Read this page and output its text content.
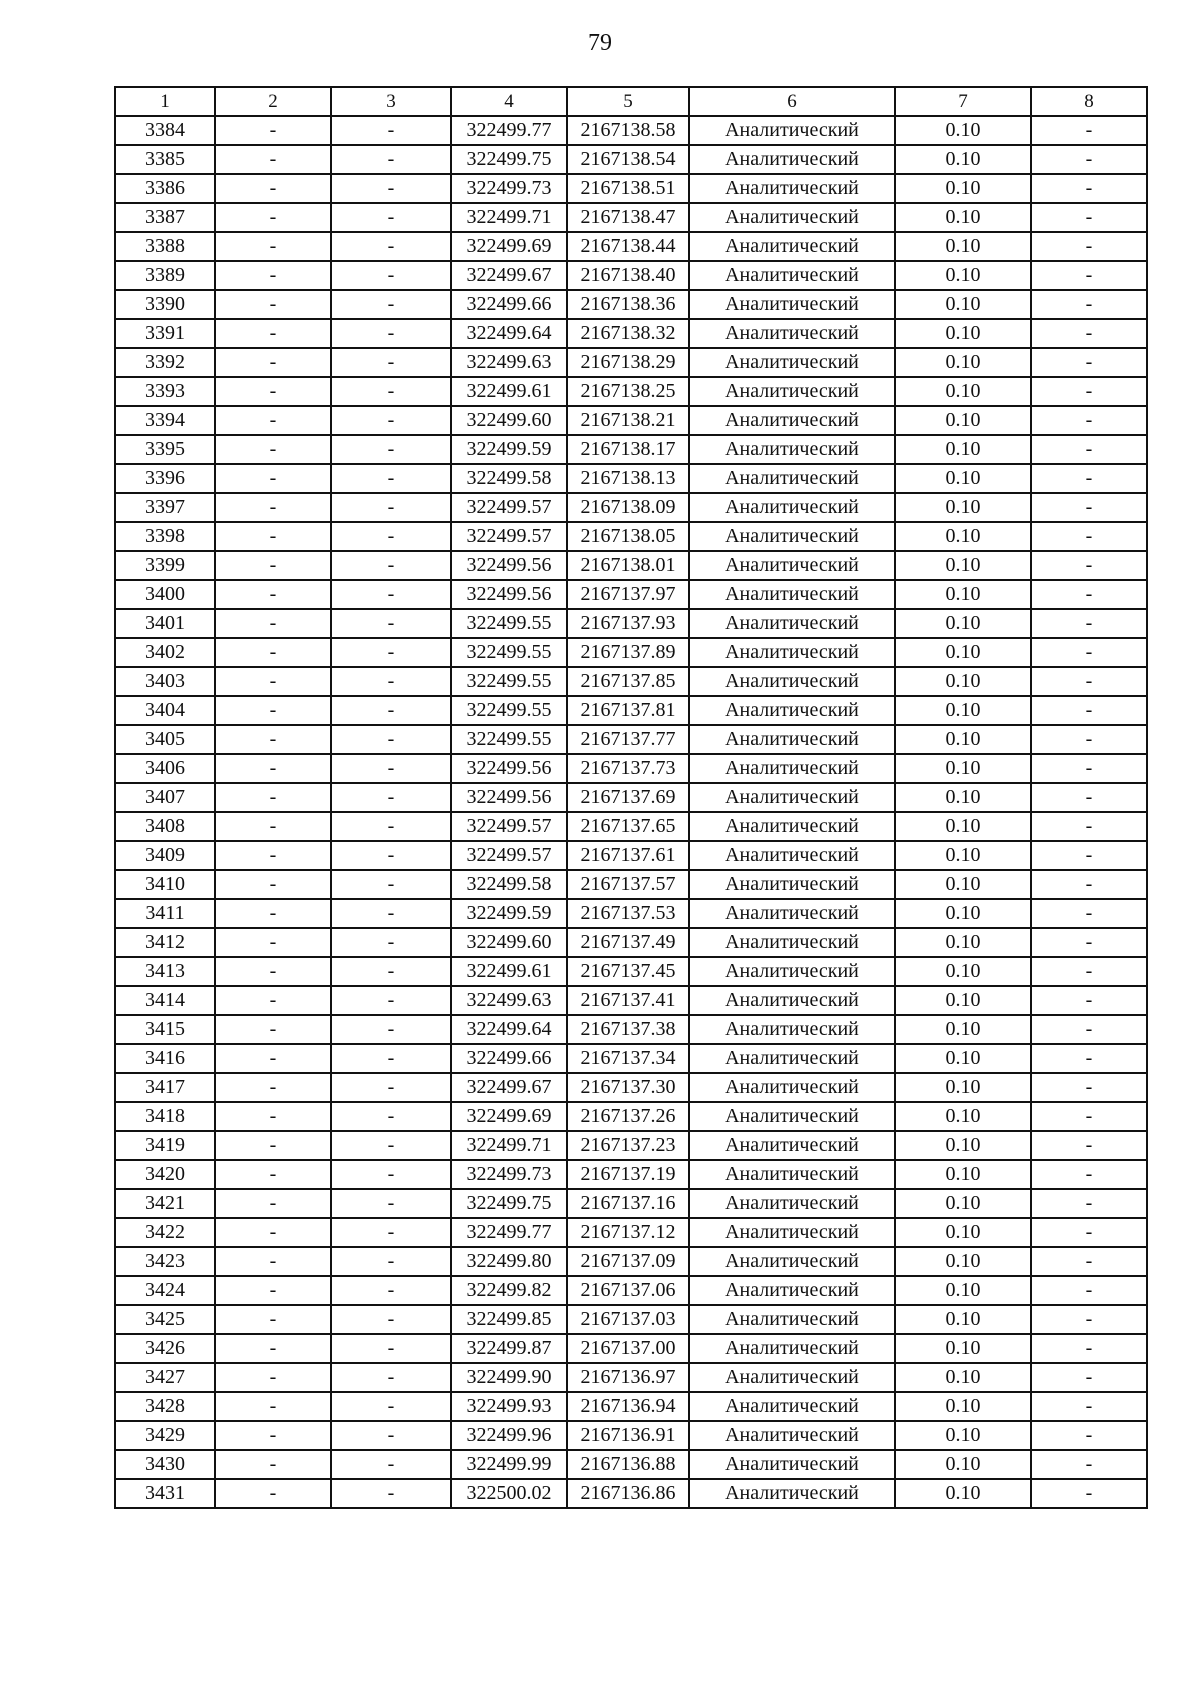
79
1	2	3	4	5	6	7	8
3384	-	-	322499.77	2167138.58	Аналитический	0.10	-
3385	-	-	322499.75	2167138.54	Аналитический	0.10	-
3386	-	-	322499.73	2167138.51	Аналитический	0.10	-
3387	-	-	322499.71	2167138.47	Аналитический	0.10	-
3388	-	-	322499.69	2167138.44	Аналитический	0.10	-
3389	-	-	322499.67	2167138.40	Аналитический	0.10	-
3390	-	-	322499.66	2167138.36	Аналитический	0.10	-
3391	-	-	322499.64	2167138.32	Аналитический	0.10	-
3392	-	-	322499.63	2167138.29	Аналитический	0.10	-
3393	-	-	322499.61	2167138.25	Аналитический	0.10	-
3394	-	-	322499.60	2167138.21	Аналитический	0.10	-
3395	-	-	322499.59	2167138.17	Аналитический	0.10	-
3396	-	-	322499.58	2167138.13	Аналитический	0.10	-
3397	-	-	322499.57	2167138.09	Аналитический	0.10	-
3398	-	-	322499.57	2167138.05	Аналитический	0.10	-
3399	-	-	322499.56	2167138.01	Аналитический	0.10	-
3400	-	-	322499.56	2167137.97	Аналитический	0.10	-
3401	-	-	322499.55	2167137.93	Аналитический	0.10	-
3402	-	-	322499.55	2167137.89	Аналитический	0.10	-
3403	-	-	322499.55	2167137.85	Аналитический	0.10	-
3404	-	-	322499.55	2167137.81	Аналитический	0.10	-
3405	-	-	322499.55	2167137.77	Аналитический	0.10	-
3406	-	-	322499.56	2167137.73	Аналитический	0.10	-
3407	-	-	322499.56	2167137.69	Аналитический	0.10	-
3408	-	-	322499.57	2167137.65	Аналитический	0.10	-
3409	-	-	322499.57	2167137.61	Аналитический	0.10	-
3410	-	-	322499.58	2167137.57	Аналитический	0.10	-
3411	-	-	322499.59	2167137.53	Аналитический	0.10	-
3412	-	-	322499.60	2167137.49	Аналитический	0.10	-
3413	-	-	322499.61	2167137.45	Аналитический	0.10	-
3414	-	-	322499.63	2167137.41	Аналитический	0.10	-
3415	-	-	322499.64	2167137.38	Аналитический	0.10	-
3416	-	-	322499.66	2167137.34	Аналитический	0.10	-
3417	-	-	322499.67	2167137.30	Аналитический	0.10	-
3418	-	-	322499.69	2167137.26	Аналитический	0.10	-
3419	-	-	322499.71	2167137.23	Аналитический	0.10	-
3420	-	-	322499.73	2167137.19	Аналитический	0.10	-
3421	-	-	322499.75	2167137.16	Аналитический	0.10	-
3422	-	-	322499.77	2167137.12	Аналитический	0.10	-
3423	-	-	322499.80	2167137.09	Аналитический	0.10	-
3424	-	-	322499.82	2167137.06	Аналитический	0.10	-
3425	-	-	322499.85	2167137.03	Аналитический	0.10	-
3426	-	-	322499.87	2167137.00	Аналитический	0.10	-
3427	-	-	322499.90	2167136.97	Аналитический	0.10	-
3428	-	-	322499.93	2167136.94	Аналитический	0.10	-
3429	-	-	322499.96	2167136.91	Аналитический	0.10	-
3430	-	-	322499.99	2167136.88	Аналитический	0.10	-
3431	-	-	322500.02	2167136.86	Аналитический	0.10	-
